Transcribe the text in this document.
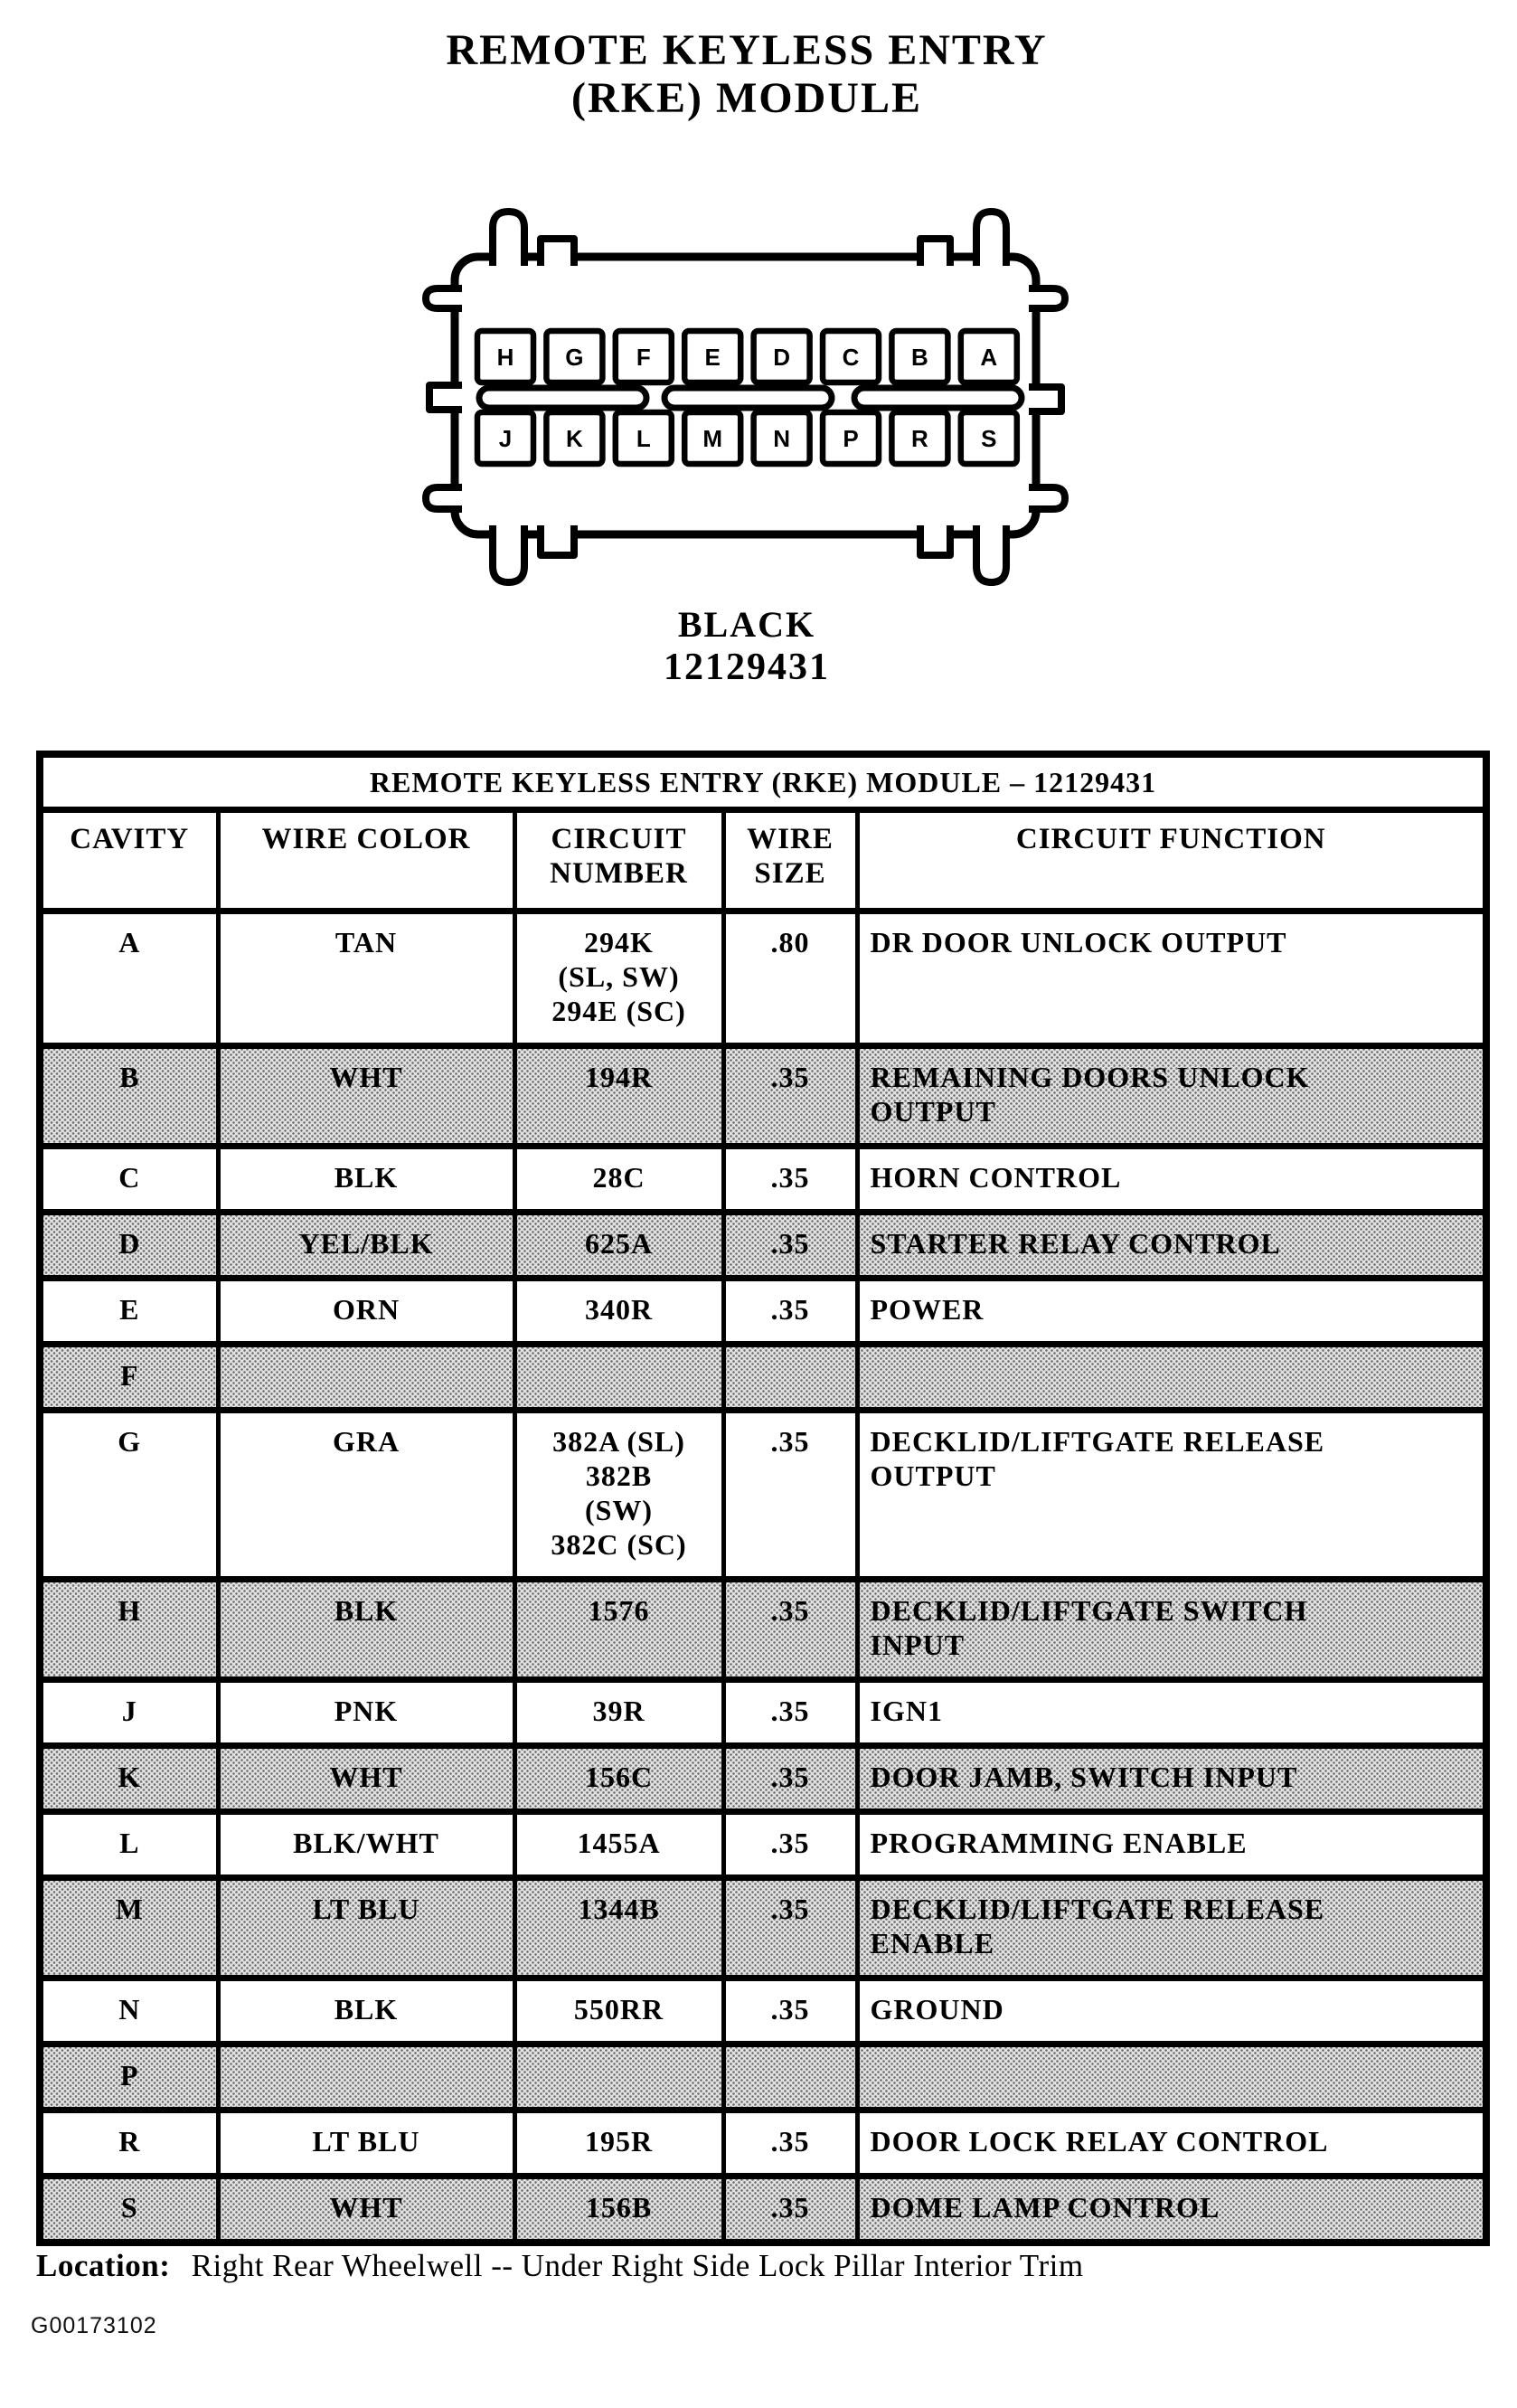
REMOTE KEYLESS ENTRY
(RKE) MODULE
H G F E D C B A
J K L M N P R S
BLACK
12129431
REMOTE KEYLESS ENTRY (RKE) MODULE – 12129431				
CAVITY	WIRE COLOR	CIRCUIT NUMBER	WIRE SIZE	CIRCUIT FUNCTION
A	TAN	294K
(SL, SW)
294E (SC)	.80	DR DOOR UNLOCK OUTPUT

B	WHT	194R	.35	REMAINING DOORS UNLOCK
OUTPUT

C	BLK	28C	.35	HORN CONTROL

D	YEL/BLK	625A	.35	STARTER RELAY CONTROL

E	ORN	340R	.35	POWER

F				
G	GRA	382A (SL)
382B
(SW)
382C (SC)
	.35	DECKLID/LIFTGATE RELEASE
OUTPUT

H	BLK	1576	.35	DECKLID/LIFTGATE SWITCH
INPUT

J	PNK	39R	.35	IGN1

K	WHT	156C	.35	DOOR JAMB, SWITCH INPUT

L	BLK/WHT	1455A	.35	PROGRAMMING ENABLE

M	LT BLU	1344B	.35	DECKLID/LIFTGATE RELEASE
ENABLE

N	BLK	550RR	.35	GROUND

P				
R	LT BLU	195R	.35	DOOR LOCK RELAY CONTROL

S	WHT	156B	.35	DOME LAMP CONTROL
Location: Right Rear Wheelwell -- Under Right Side Lock Pillar Interior Trim
G00173102
